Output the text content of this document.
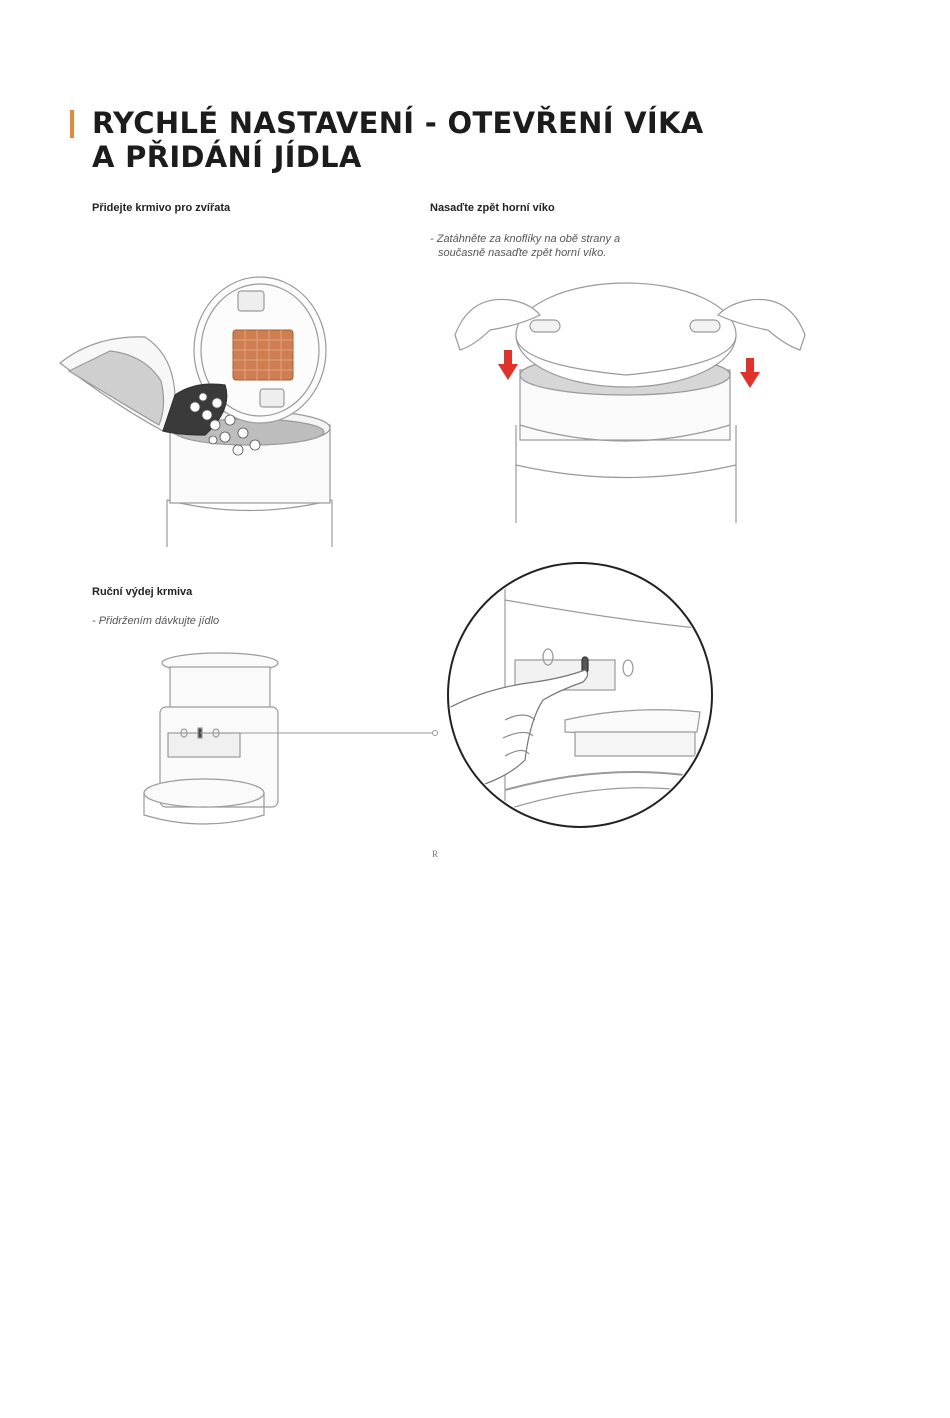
RYCHLÉ NASTAVENÍ - OTEVŘENÍ VÍKA
A PŘIDÁNÍ JÍDLA

Přidejte krmivo pro zvířata	Nasaďte zpět horní víko

- Zatáhněte za knoflíky na obě strany a
současně nasaďte zpět horní víko.

Ruční výdej krmiva

- Přidržením dávkujte jídlo

R
